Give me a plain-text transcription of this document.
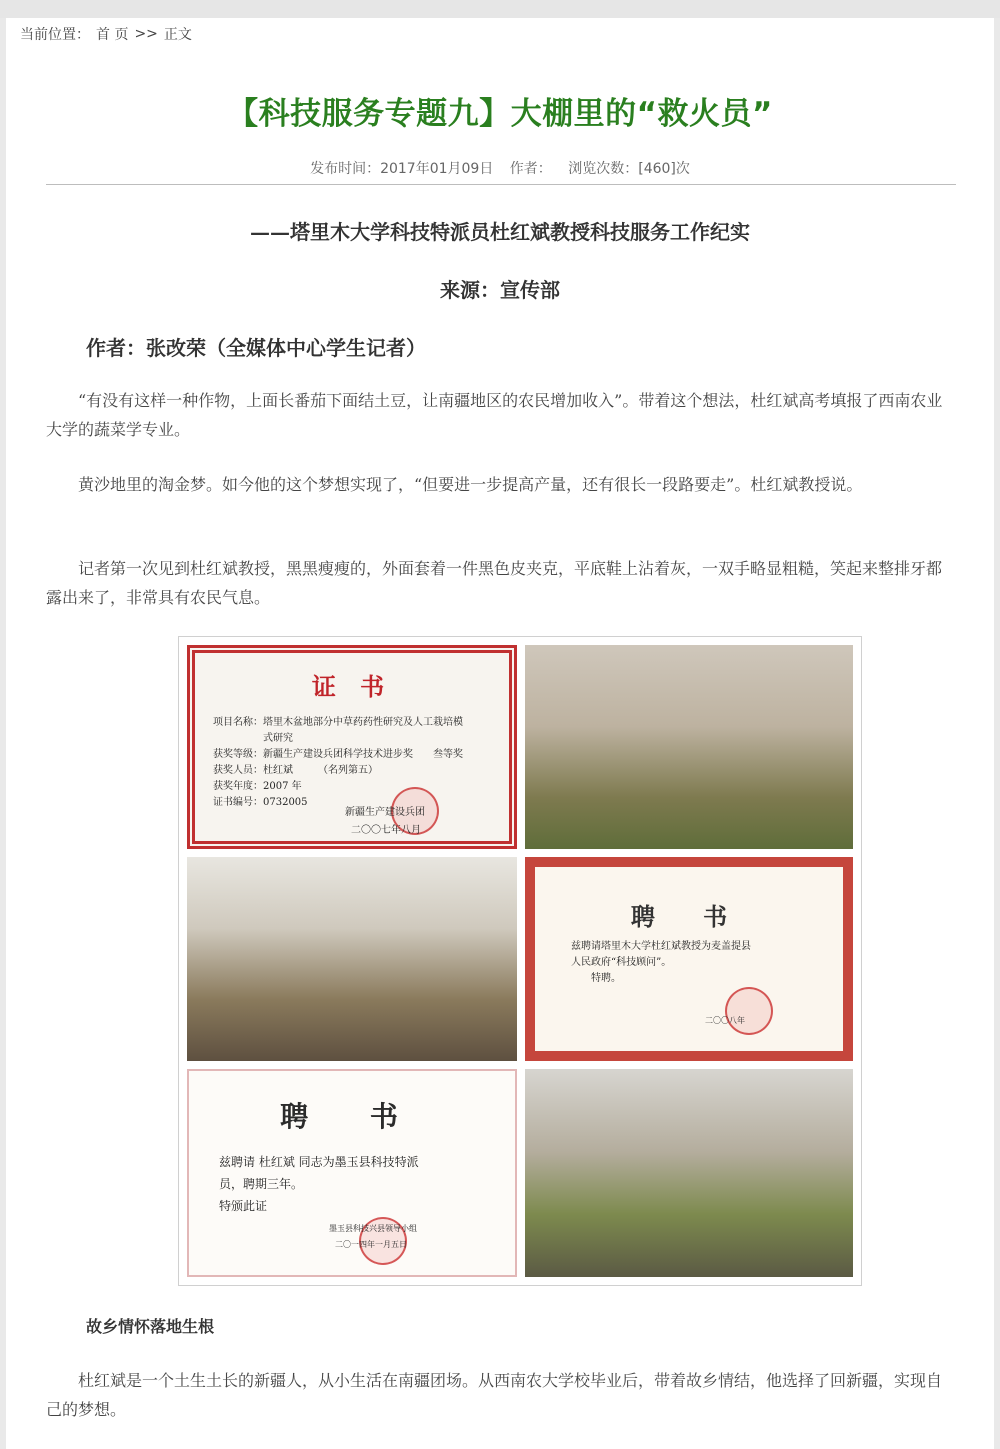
当前位置： 首 页 >> 正文
【科技服务专题九】大棚里的“救火员”
发布时间：2017年01月09日 作者： 浏览次数：[460]次
——塔里木大学科技特派员杜红斌教授科技服务工作纪实
来源：宣传部
作者：张改荣（全媒体中心学生记者）

“有没有这样一种作物，上面长番茄下面结土豆，让南疆地区的农民增加收入”。带着这个想法，杜红斌高考填报了西南农业大学的蔬菜学专业。

黄沙地里的淘金梦。如今他的这个梦想实现了，“但要进一步提高产量，还有很长一段路要走”。杜红斌教授说。

记者第一次见到杜红斌教授，黑黑瘦瘦的，外面套着一件黑色皮夹克，平底鞋上沾着灰，一双手略显粗糙，笑起来整排牙都露出来了，非常具有农民气息。

证 书
项目名称：塔里木盆地部分中草药药性研究及人工栽培模
　　　　　式研究
获奖等级：新疆生产建设兵团科学技术进步奖　　叁等奖
获奖人员：杜红斌　　　（名列第五）
获奖年度：2007 年
证书编号：0732005
新疆生产建设兵团
二〇〇七年八月
聘 书
兹聘请塔里木大学杜红斌教授为麦盖提县
人民政府“科技顾问”。
　　特聘。
二〇〇八年
聘 书
兹聘请 杜红斌 同志为墨玉县科技特派
员，聘期三年。
特颁此证
墨玉县科技兴县领导小组
二〇一四年一月五日
故乡情怀落地生根

杜红斌是一个土生土长的新疆人，从小生活在南疆团场。从西南农大学校毕业后，带着故乡情结，他选择了回新疆，实现自己的梦想。
